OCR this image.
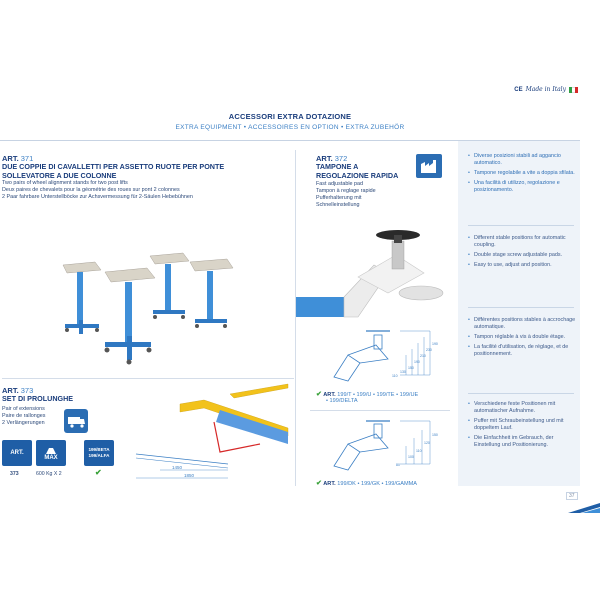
CE Made in Italy
ACCESSORI EXTRA DOTAZIONE
EXTRA EQUIPMENT • ACCESSOIRES EN OPTION • EXTRA ZUBEHÖR
ART. 371
DUE COPPIE DI CAVALLETTI PER ASSETTO RUOTE PER PONTE SOLLEVATORE A DUE COLONNE
Two pairs of wheel alignment stands for two post lifts
Deux paires de chevalets pour la géométrie des roues sur pont 2 colonnes
2 Paar fahrbare Unterstellböcke zur Achsvermessung für 2-Säulen Hebebühnen
ART. 372
TAMPONE A
REGOLAZIONE RAPIDA
Fast adjustable pad
Tampon à reglage rapide
Pufferhalterung mit
Schnelleinstellung
190
230
210
190
150
130
110
✔ ART. 199/T • 199/U • 199/TE • 199/UE
• 199/DELTA
150
120
110
100
80
✔ ART. 199/DK • 199/GK • 199/GAMMA
ART. 373
SET DI PROLUNGHE
Pair of extensions
Paire de rallonges
2 Verlängerungen
ART.
MAX
199/BETA
199/ALFA
373	600 Kg X 2	✔
1450
1850
• Diverse posizioni stabili ad aggancio automatico.
• Tampone regolabile a vite a doppia sfilata.
• Una facilità di utilizzo, regolazione e posizionamento.
• Different stable positions for automatic coupling.
• Double stage screw adjustable pads.
• Easy to use, adjust and position.
• Différentes positions stables à accrochage automatique.
• Tampon réglable à vis à double étage.
• La facilité d'utilisation, de réglage, et de positionnement.
• Verschiedene feste Positionen mit automatischer Aufnahme.
• Puffer mit Schraubeinstellung und mit doppeltem Lauf.
• Die Einfachheit im Gebrauch, der Einstellung und Positionierung.
37
